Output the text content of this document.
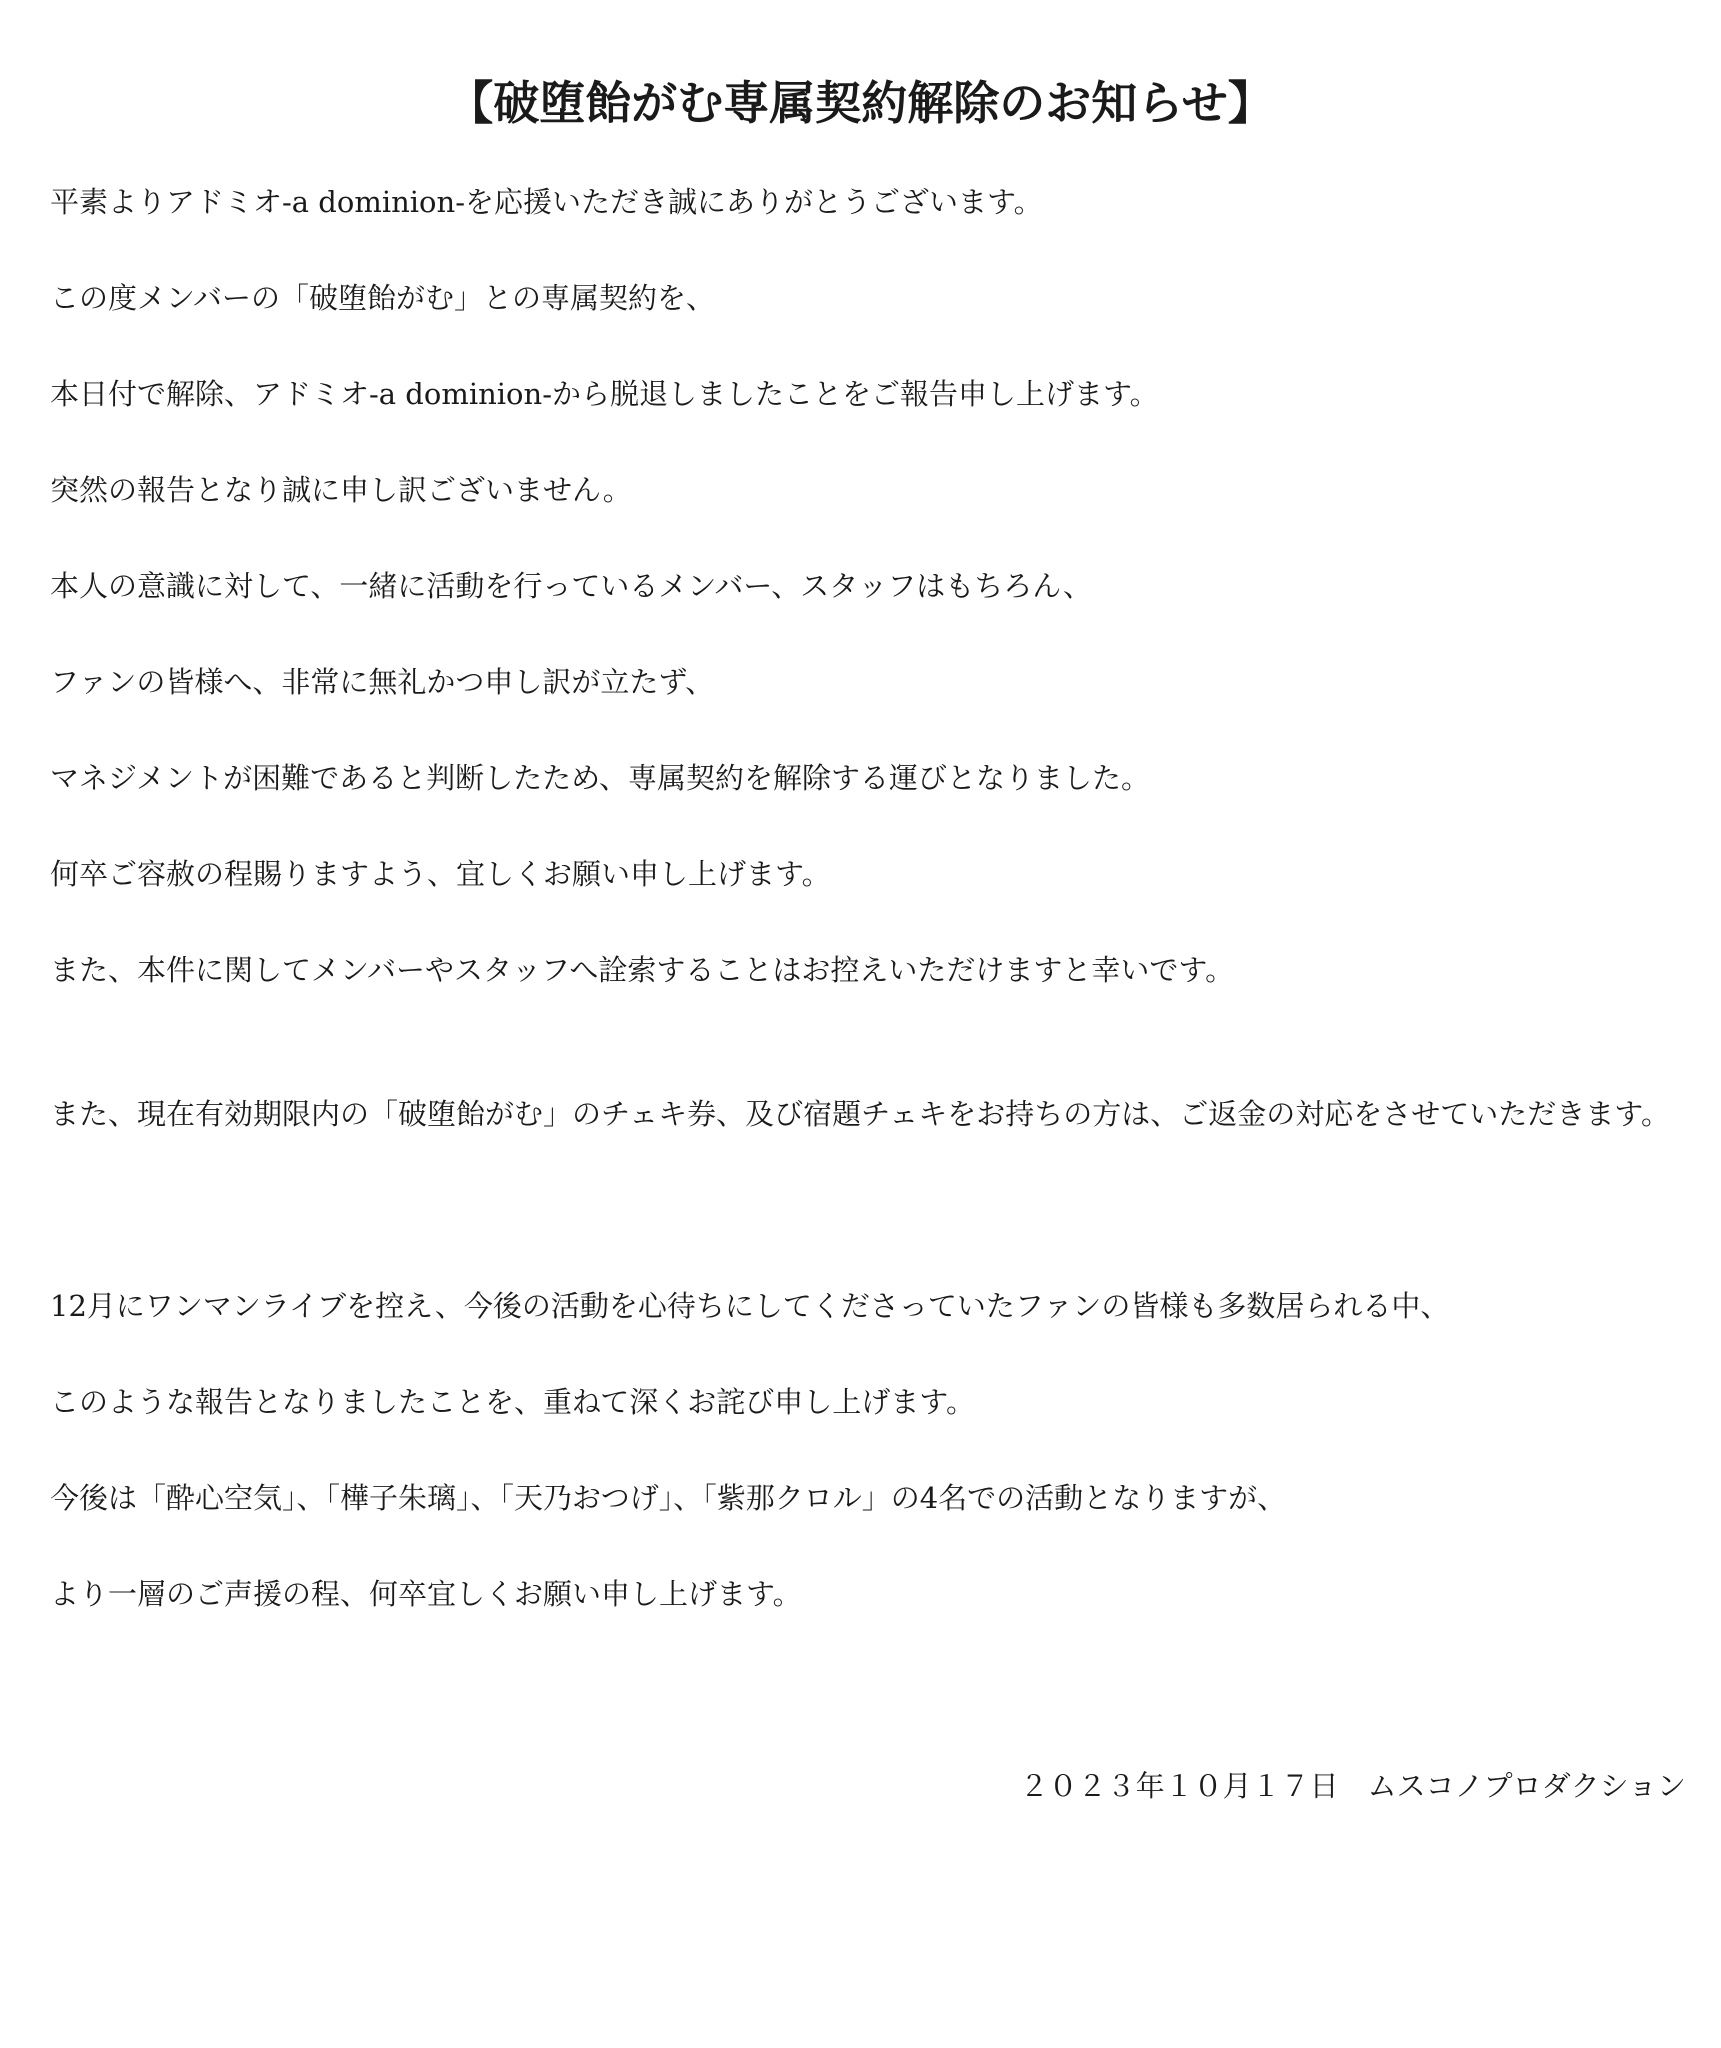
【破堕飴がむ専属契約解除のお知らせ】

平素よりアドミオ-a dominion-を応援いただき誠にありがとうございます。

この度メンバーの「破堕飴がむ」との専属契約を、

本日付で解除、アドミオ-a dominion-から脱退しましたことをご報告申し上げます。

突然の報告となり誠に申し訳ございません。

本人の意識に対して、一緒に活動を行っているメンバー、スタッフはもちろん、

ファンの皆様へ、非常に無礼かつ申し訳が立たず、

マネジメントが困難であると判断したため、専属契約を解除する運びとなりました。

何卒ご容赦の程賜りますよう、宜しくお願い申し上げます。

また、本件に関してメンバーやスタッフへ詮索することはお控えいただけますと幸いです。

また、現在有効期限内の「破堕飴がむ」のチェキ券、及び宿題チェキをお持ちの方は、ご返金の対応をさせていただきます。

12月にワンマンライブを控え、今後の活動を心待ちにしてくださっていたファンの皆様も多数居られる中、

このような報告となりましたことを、重ねて深くお詫び申し上げます。

今後は「酔心空気」、「樺子朱璃」、「天乃おつげ」、「紫那クロル」の4名での活動となりますが、

より一層のご声援の程、何卒宜しくお願い申し上げます。

２０２３年１０月１７日　ムスコノプロダクション
